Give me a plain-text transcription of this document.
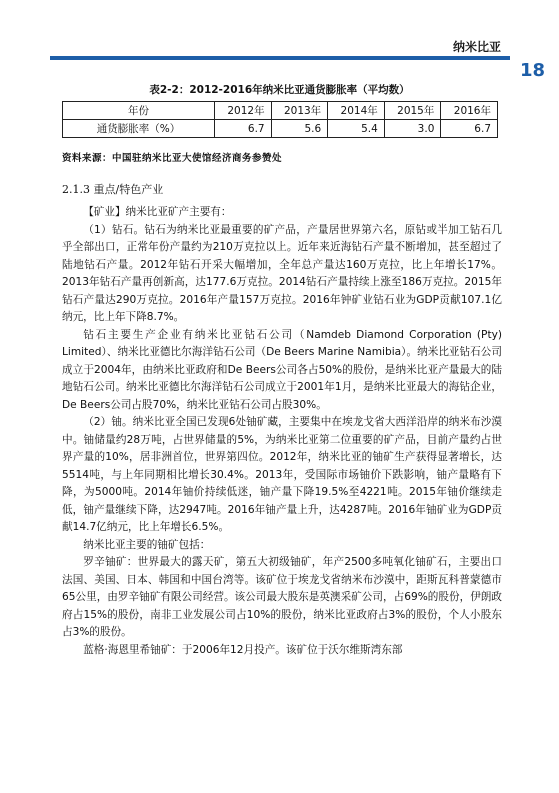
纳米比亚
18
表2-2：2012-2016年纳米比亚通货膨胀率（平均数）
年份	2012年	2013年	2014年	2015年	2016年
通货膨胀率（%）	6.7	5.6	5.4	3.0	6.7
资料来源：中国驻纳米比亚大使馆经济商务参赞处
2.1.3 重点/特色产业

【矿业】纳米比亚矿产主要有：

（1）钻石。钻石为纳米比亚最重要的矿产品，产量居世界第六名，原钻或半加工钻石几乎全部出口，正常年份产量约为210万克拉以上。近年来近海钻石产量不断增加，甚至超过了陆地钻石产量。2012年钻石开采大幅增加，全年总产量达160万克拉，比上年增长17%。2013年钻石产量再创新高，达177.6万克拉。2014钻石产量持续上涨至186万克拉。2015年钻石产量达290万克拉。2016年产量157万克拉。2016年钟矿业钻石业为GDP贡献107.1亿纳元，比上年下降8.7%。

钻石主要生产企业有纳米比亚钻石公司（Namdeb Diamond Corporation (Pty) Limited）、纳米比亚德比尔海洋钻石公司（De Beers Marine Namibia）。纳米比亚钻石公司成立于2004年，由纳米比亚政府和De Beers公司各占50%的股份，是纳米比亚产量最大的陆地钻石公司。纳米比亚德比尔海洋钻石公司成立于2001年1月，是纳米比亚最大的海钻企业，De Beers公司占股70%，纳米比亚钻石公司占股30%。

（2）铀。纳米比亚全国已发现6处铀矿藏，主要集中在埃龙戈省大西洋沿岸的纳米布沙漠中。铀储量约28万吨，占世界储量的5%，为纳米比亚第二位重要的矿产品，目前产量约占世界产量的10%，居非洲首位，世界第四位。2012年，纳米比亚的铀矿生产获得显著增长，达5514吨，与上年同期相比增长30.4%。2013年，受国际市场铀价下跌影响，铀产量略有下降，为5000吨。2014年铀价持续低迷，铀产量下降19.5%至4221吨。2015年铀价继续走低，铀产量继续下降，达2947吨。2016年铀产量上升，达4287吨。2016年铀矿业为GDP贡献14.7亿纳元，比上年增长6.5%。

纳米比亚主要的铀矿包括：

罗辛铀矿：世界最大的露天矿，第五大初级铀矿，年产2500多吨氧化铀矿石，主要出口法国、美国、日本、韩国和中国台湾等。该矿位于埃龙戈省纳米布沙漠中，距斯瓦科普蒙德市65公里，由罗辛铀矿有限公司经营。该公司最大股东是英澳采矿公司，占69%的股份，伊朗政府占15%的股份，南非工业发展公司占10%的股份，纳米比亚政府占3%的股份，个人小股东占3%的股份。

蓝格·海恩里希铀矿：于2006年12月投产。该矿位于沃尔维斯湾东部
